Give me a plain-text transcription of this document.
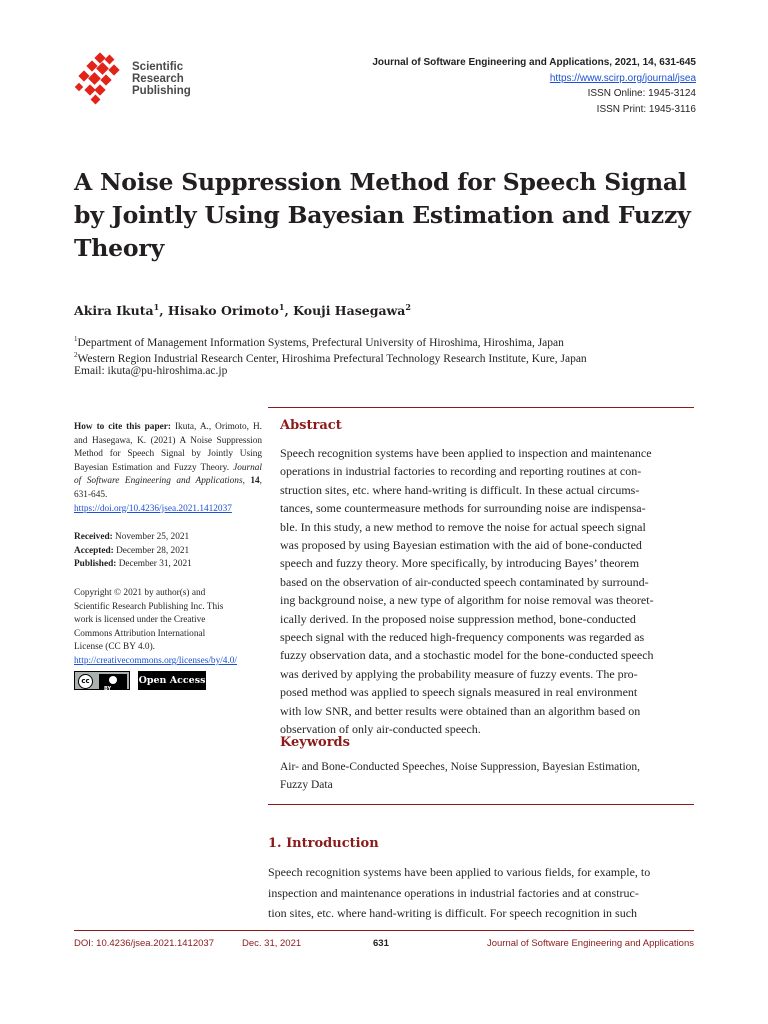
Scientific
Research
Publishing
Journal of Software Engineering and Applications, 2021, 14, 631-645
https://www.scirp.org/journal/jsea
ISSN Online: 1945-3124
ISSN Print: 1945-3116
A Noise Suppression Method for Speech Signal by Jointly Using Bayesian Estimation and Fuzzy Theory
Akira Ikuta$^1$, Hisako Orimoto$^1$, Kouji Hasegawa$^2$
$^1$Department of Management Information Systems, Prefectural University of Hiroshima, Hiroshima, Japan
$^2$Western Region Industrial Research Center, Hiroshima Prefectural Technology Research Institute, Kure, Japan
Email: ikuta@pu-hiroshima.ac.jp

How to cite this paper: Ikuta, A., Orimoto, H. and Hasegawa, K. (2021) A Noise Suppression Method for Speech Signal by Jointly Using Bayesian Estimation and Fuzzy Theory. Journal of Software Engineering and Applications, 14, 631-645.
https://doi.org/10.4236/jsea.2021.1412037

Received: November 25, 2021
Accepted: December 28, 2021
Published: December 31, 2021

Copyright © 2021 by author(s) and Scientific Research Publishing Inc. This work is licensed under the Creative Commons Attribution International License (CC BY 4.0).

http://creativecommons.org/licenses/by/4.0/
cc
BY
Open Access
Abstract
Speech recognition systems have been applied to inspection and maintenance
operations in industrial factories to recording and reporting routines at con-
struction sites, etc. where hand-writing is difficult. In these actual circums-
tances, some countermeasure methods for surrounding noise are indispensa-
ble. In this study, a new method to remove the noise for actual speech signal
was proposed by using Bayesian estimation with the aid of bone-conducted
speech and fuzzy theory. More specifically, by introducing Bayes’ theorem
based on the observation of air-conducted speech contaminated by surround-
ing background noise, a new type of algorithm for noise removal was theoret-
ically derived. In the proposed noise suppression method, bone-conducted
speech signal with the reduced high-frequency components was regarded as
fuzzy observation data, and a stochastic model for the bone-conducted speech
was derived by applying the probability measure of fuzzy events. The pro-
posed method was applied to speech signals measured in real environment
with low SNR, and better results were obtained than an algorithm based on
observation of only air-conducted speech.
Keywords
Air- and Bone-Conducted Speeches, Noise Suppression, Bayesian Estimation,
Fuzzy Data
1. Introduction
Speech recognition systems have been applied to various fields, for example, to
inspection and maintenance operations in industrial factories and at construc-
tion sites, etc. where hand-writing is difficult. For speech recognition in such
DOI: 10.4236/jsea.2021.1412037	Dec. 31, 2021	631	Journal of Software Engineering and Applications
